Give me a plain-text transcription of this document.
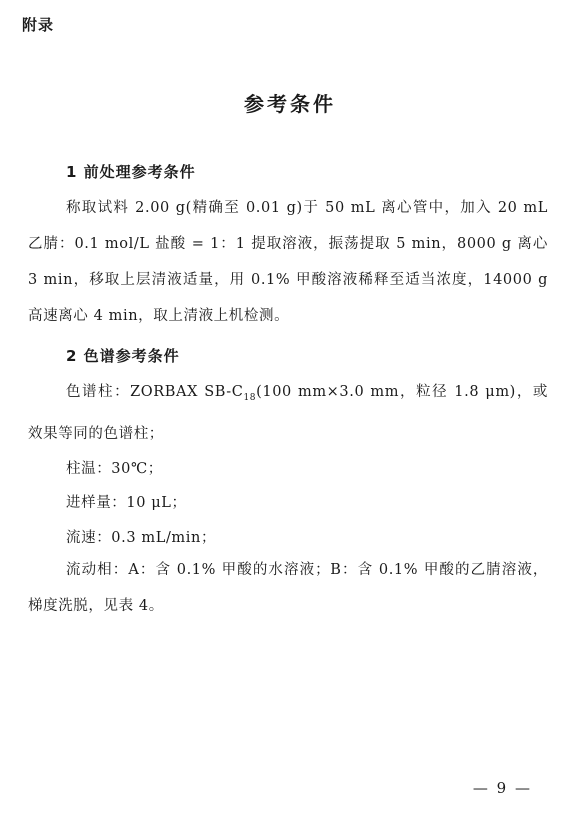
附录
参考条件
1 前处理参考条件
称取试料 2.00 g(精确至 0.01 g)于 50 mL 离心管中，加入 20 mL 乙腈：0.1 mol/L 盐酸 = 1：1 提取溶液，振荡提取 5 min，8000 g 离心 3 min，移取上层清液适量，用 0.1% 甲酸溶液稀释至适当浓度，14000 g 高速离心 4 min，取上清液上机检测。
2 色谱参考条件
色谱柱：ZORBAX $SB-C_{18}(100$ mm×3.0 mm，粒径 1.8 μm)，或效果等同的色谱柱；
柱温：30℃；
进样量：10 μL；
流速：0.3 mL/min；
流动相：A：含 0.1% 甲酸的水溶液；B：含 0.1% 甲酸的乙腈溶液，梯度洗脱，见表 4。
— 9 —
